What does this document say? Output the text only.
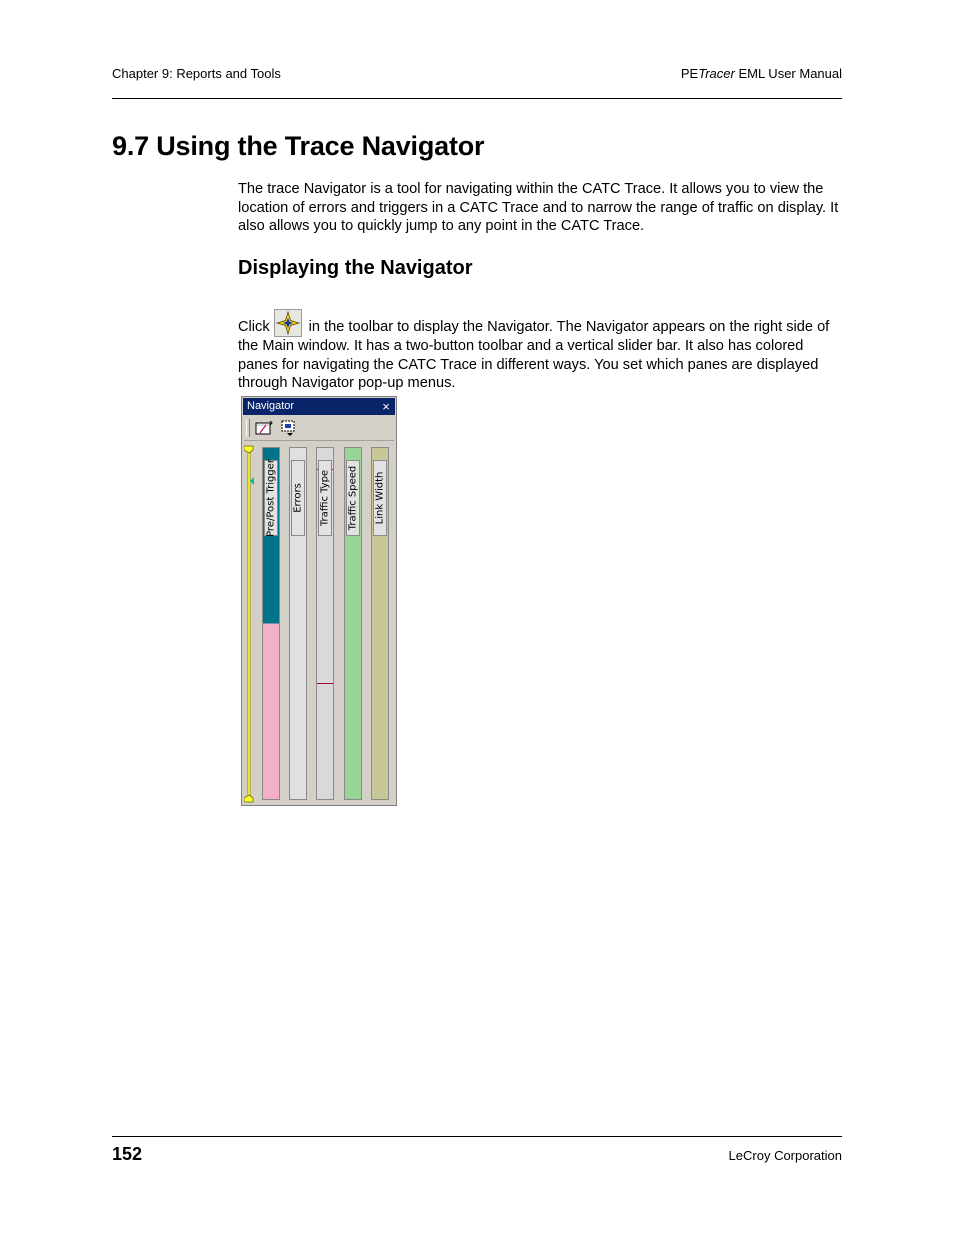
Chapter 9: Reports and Tools	PETracer EML User Manual
9.7 Using the Trace Navigator

The trace Navigator is a tool for navigating within the CATC Trace. It allows you to view the location of errors and triggers in a CATC Trace and to narrow the range of traffic on display. It also allows you to quickly jump to any point in the CATC Trace.

Displaying the Navigator

Click
in the toolbar to display the Navigator. The Navigator appears on the right side of the Main window. It has a two-button toolbar and a vertical slider bar. It also has colored panes for navigating the CATC Trace in different ways. You set which panes are displayed through Navigator pop-up menus.

Navigator	×
Pre/Post Trigger Errors Traffic Type Traffic Speed Link Width
152	LeCroy Corporation
